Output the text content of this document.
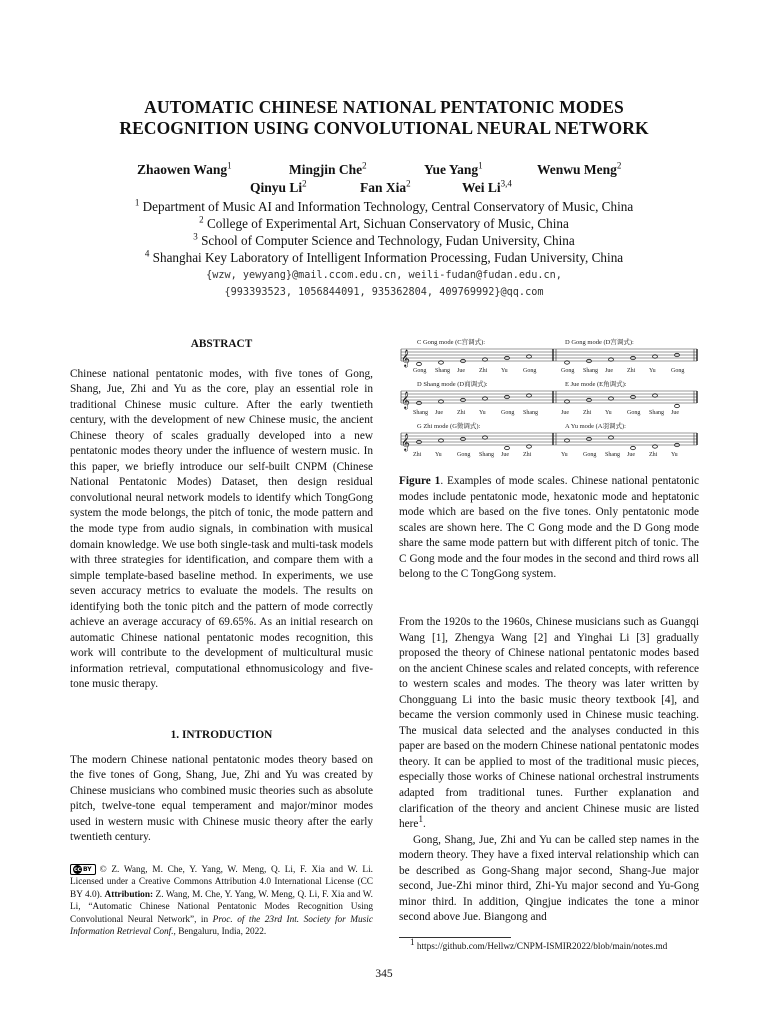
AUTOMATIC CHINESE NATIONAL PENTATONIC MODES
RECOGNITION USING CONVOLUTIONAL NEURAL NETWORK
Zhaowen Wang$^1$	Mingjin Che$^2$	Yue Yang$^1$	Wenwu Meng$^2$
Qinyu Li$^2$	Fan Xia$^2$	Wei Li$^{3,4}$
$^1$ Department of Music AI and Information Technology, Central Conservatory of Music, China
$^2$ College of Experimental Art, Sichuan Conservatory of Music, China
$^3$ School of Computer Science and Technology, Fudan University, China
$^4$ Shanghai Key Laboratory of Intelligent Information Processing, Fudan University, China
{wzw, yewyang}@mail.ccom.edu.cn, weili-fudan@fudan.edu.cn,
{993393523, 1056844091, 935362804, 409769992}@qq.com
ABSTRACT

Chinese national pentatonic modes, with five tones of Gong, Shang, Jue, Zhi and Yu as the core, play an essential role in traditional Chinese music culture. After the early twentieth century, with the development of new Chinese music, the ancient Chinese theory of scales gradually developed into a new pentatonic modes theory under the influence of western music. In this paper, we briefly introduce our self-built CNPM (Chinese National Pentatonic Modes) Dataset, then design residual convolutional neural network models to identify which TongGong system the mode belongs, the pitch of tonic, the mode pattern and the mode type from audio signals, in combination with musical domain knowledge. We use both single-task and multi-task models with three strategies for identification, and compare them with a simple template-based baseline method. In experiments, we use seven accuracy metrics to evaluate the models. The results on identifying both the tonic pitch and the pattern of mode correctly achieve an average accuracy of 69.65%. As an initial research on automatic Chinese national pentatonic modes recognition, this work will contribute to the development of multicultural music information retrieval, computational ethnomusicology and five-tone music therapy.

1. INTRODUCTION

The modern Chinese national pentatonic modes theory based on the five tones of Gong, Shang, Jue, Zhi and Yu was created by Chinese musicians who combined music theories such as absolute pitch, twelve-tone equal temperament and major/minor modes used in western music with Chinese music theory after the early twentieth century.

cc BY © Z. Wang, M. Che, Y. Yang, W. Meng, Q. Li, F. Xia and W. Li. Licensed under a Creative Commons Attribution 4.0 International License (CC BY 4.0). Attribution: Z. Wang, M. Che, Y. Yang, W. Meng, Q. Li, F. Xia and W. Li, “Automatic Chinese National Pentatonic Modes Recognition Using Convolutional Neural Network”, in Proc. of the 23rd Int. Society for Music Information Retrieval Conf., Bengaluru, India, 2022.
C Gong mode (C宫调式):	D Gong mode (D宫调式):
𝄞
Gong Shang Jue Zhi Yu	Gong	Gong Shang Jue Zhi Yu	Gong
D Shang mode (D商调式):	E Jue mode (E角调式):
𝄞
Shang Jue Zhi Yu	Gong Shang	Jue Zhi Yu	Gong Shang Jue
G Zhi mode (G徵调式):	A Yu mode (A羽调式):
𝄞
Zhi Yu	Gong Shang Jue Zhi	Yu	Gong Shang Jue Zhi Yu

Figure 1. Examples of mode scales. Chinese national pentatonic modes include pentatonic mode, hexatonic mode and heptatonic mode which are based on the five tones. Only pentatonic mode scales are shown here. The C Gong mode and the D Gong mode share the same mode pattern but with different pitch of tonic. The C Gong mode and the four modes in the second and third rows all belong to the C TongGong system.

From the 1920s to the 1960s, Chinese musicians such as Guangqi Wang [1], Zhengya Wang [2] and Yinghai Li [3] gradually proposed the theory of Chinese national pentatonic modes based on the ancient Chinese scales and related concepts, with reference to western scales and modes. The theory was later written by Chongguang Li into the basic music theory textbook [4], and became the version commonly used in Chinese music teaching. The musical data selected and the analyses conducted in this paper are based on the modern Chinese national pentatonic modes theory. It can be applied to most of the traditional music pieces, especially those works of Chinese national orchestral instruments adapted from traditional tunes. Further explanation and clarification of the theory and ancient Chinese music are listed here$^1$.

Gong, Shang, Jue, Zhi and Yu can be called step names in the modern theory. They have a fixed interval relationship which can be described as Gong-Shang major second, Shang-Jue major second, Jue-Zhi minor third, Zhi-Yu major second and Yu-Gong minor third. In addition, Qingjue indicates the tone a minor second above Jue. Biangong and

1 https://github.com/Hellwz/CNPM-ISMIR2022/blob/main/notes.md
345
